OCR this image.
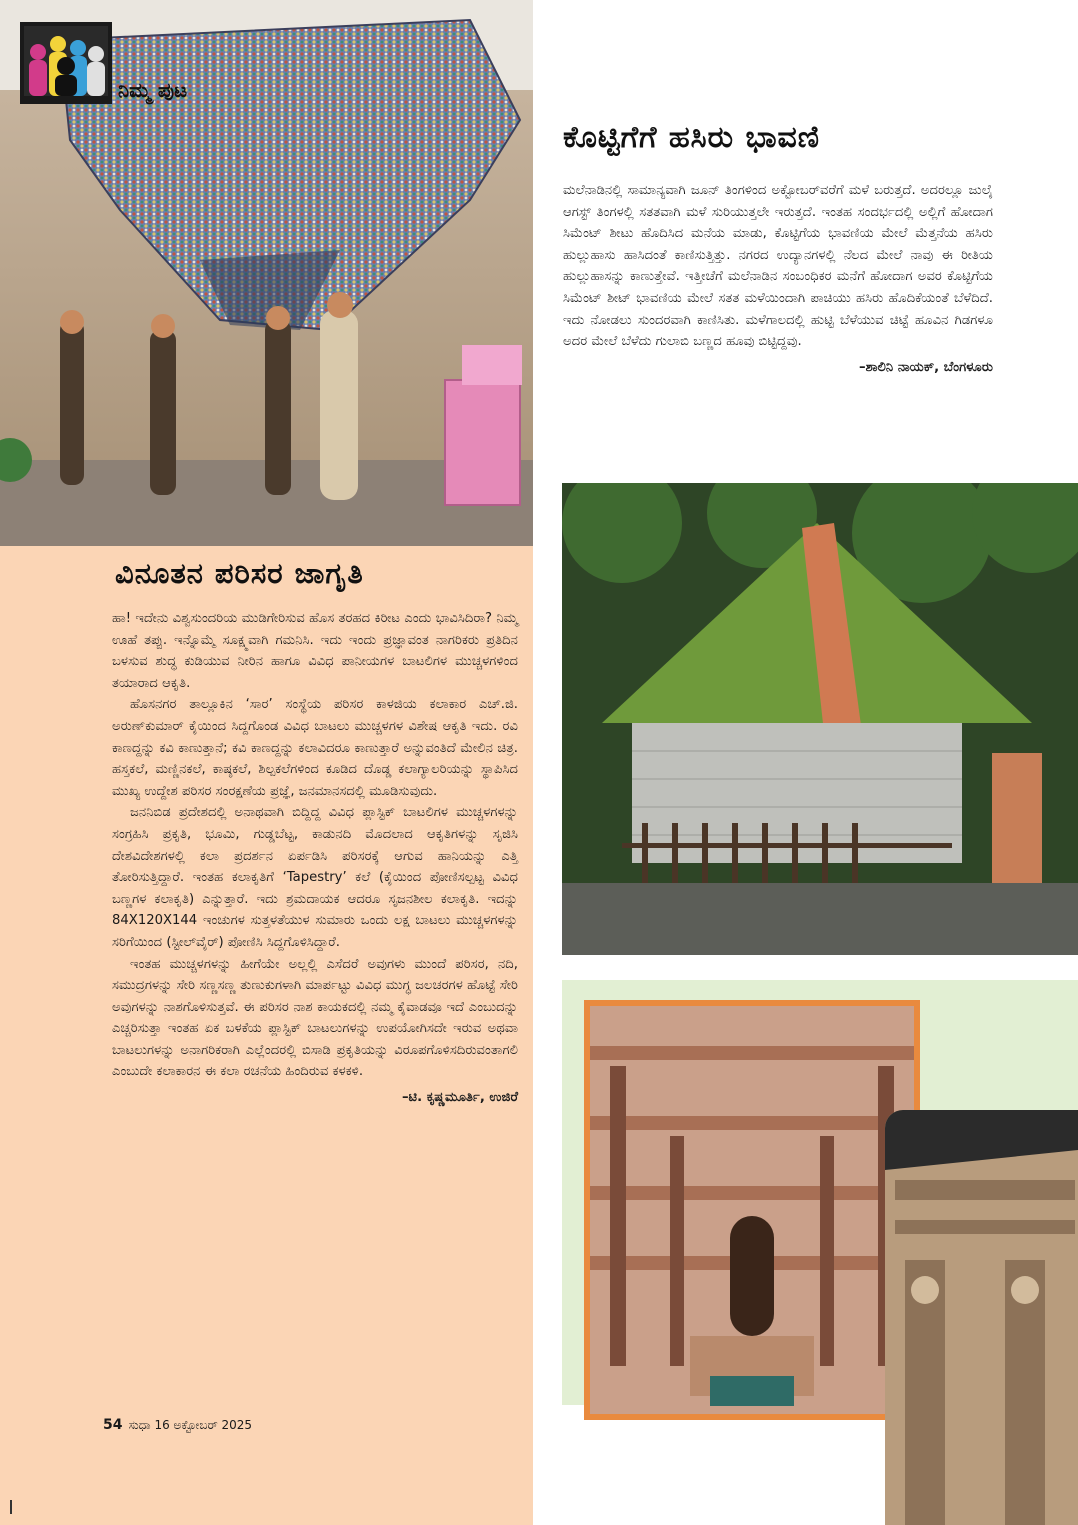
ನಿಮ್ಮ ಪುಟ
ವಿನೂತನ ಪರಿಸರ ಜಾಗೃತಿ

ಹಾ! ಇದೇನು ವಿಶ್ವಸುಂದರಿಯ ಮುಡಿಗೇರಿಸುವ ಹೊಸ ತರಹದ ಕಿರೀಟ ಎಂದು ಭಾವಿಸಿದಿರಾ? ನಿಮ್ಮ ಊಹೆ ತಪ್ಪು. ಇನ್ನೊಮ್ಮೆ ಸೂಕ್ಷ್ಮವಾಗಿ ಗಮನಿಸಿ. ಇದು ಇಂದು ಪ್ರಜ್ಞಾವಂತ ನಾಗರಿಕರು ಪ್ರತಿದಿನ ಬಳಸುವ ಶುದ್ಧ ಕುಡಿಯುವ ನೀರಿನ ಹಾಗೂ ವಿವಿಧ ಪಾನೀಯಗಳ ಬಾಟಲಿಗಳ ಮುಚ್ಚಳಗಳಿಂದ ತಯಾರಾದ ಆಕೃತಿ.

ಹೊಸನಗರ ತಾಲ್ಲೂಕಿನ ‘ಸಾರ’ ಸಂಸ್ಥೆಯ ಪರಿಸರ ಕಾಳಜಿಯ ಕಲಾಕಾರ ಎಚ್.ಜಿ. ಅರುಣ್‌ಕುಮಾರ್ ಕೈಯಿಂದ ಸಿದ್ದಗೊಂಡ ವಿವಿಧ ಬಾಟಲು ಮುಚ್ಚಳಗಳ ವಿಶೇಷ ಆಕೃತಿ ಇದು. ರವಿ ಕಾಣದ್ದನ್ನು ಕವಿ ಕಾಣುತ್ತಾನೆ; ಕವಿ ಕಾಣದ್ದನ್ನು ಕಲಾವಿದರೂ ಕಾಣುತ್ತಾರೆ ಅನ್ನುವಂತಿದೆ ಮೇಲಿನ ಚಿತ್ರ. ಹಸ್ತಕಲೆ, ಮಣ್ಣಿನಕಲೆ, ಕಾಷ್ಠಕಲೆ, ಶಿಲ್ಪಕಲೆಗಳಿಂದ ಕೂಡಿದ ದೊಡ್ಡ ಕಲಾಗ್ಯಾಲರಿಯನ್ನು ಸ್ಥಾಪಿಸಿದ ಮುಖ್ಯ ಉದ್ದೇಶ ಪರಿಸರ ಸಂರಕ್ಷಣೆಯ ಪ್ರಜ್ಞೆ, ಜನಮಾನಸದಲ್ಲಿ ಮೂಡಿಸುವುದು.

ಜನನಿಬಿಡ ಪ್ರದೇಶದಲ್ಲಿ ಅನಾಥವಾಗಿ ಬಿದ್ದಿದ್ದ ವಿವಿಧ ಪ್ಲಾಸ್ಟಿಕ್ ಬಾಟಲಿಗಳ ಮುಚ್ಚಳಗಳನ್ನು ಸಂಗ್ರಹಿಸಿ ಪ್ರಕೃತಿ, ಭೂಮಿ, ಗುಡ್ಡಬೆಟ್ಟ, ಕಾಡುನದಿ ಮೊದಲಾದ ಆಕೃತಿಗಳನ್ನು ಸೃಜಿಸಿ ದೇಶವಿದೇಶಗಳಲ್ಲಿ ಕಲಾ ಪ್ರದರ್ಶನ ಏರ್ಪಡಿಸಿ ಪರಿಸರಕ್ಕೆ ಆಗುವ ಹಾನಿಯನ್ನು ಎತ್ತಿ ತೋರಿಸುತ್ತಿದ್ದಾರೆ. ಇಂತಹ ಕಲಾಕೃತಿಗೆ ‘Tapestry’ ಕಲೆ (ಕೈಯಿಂದ ಪೋಣಿಸಲ್ಪಟ್ಟ ವಿವಿಧ ಬಣ್ಣಗಳ ಕಲಾಕೃತಿ) ಎನ್ನುತ್ತಾರೆ. ಇದು ಶ್ರಮದಾಯಕ ಆದರೂ ಸೃಜನಶೀಲ ಕಲಾಕೃತಿ. ಇದನ್ನು 84X120X144 ಇಂಚುಗಳ ಸುತ್ತಳತೆಯುಳ ಸುಮಾರು ಒಂದು ಲಕ್ಷ ಬಾಟಲು ಮುಚ್ಚಳಗಳನ್ನು ಸರಿಗೆಯಿಂದ (ಸ್ಟೀಲ್‌ವೈರ್) ಪೋಣಿಸಿ ಸಿದ್ದಗೊಳಿಸಿದ್ದಾರೆ.

ಇಂತಹ ಮುಚ್ಚಳಗಳನ್ನು ಹೀಗೆಯೇ ಅಲ್ಲಲ್ಲಿ ಎಸೆದರೆ ಅವುಗಳು ಮುಂದೆ ಪರಿಸರ, ನದಿ, ಸಮುದ್ರಗಳನ್ನು ಸೇರಿ ಸಣ್ಣಸಣ್ಣ ತುಣುಕುಗಳಾಗಿ ಮಾರ್ಪಟ್ಟು ವಿವಿಧ ಮುಗ್ಧ ಜಲಚರಗಳ ಹೊಟ್ಟೆ ಸೇರಿ ಅವುಗಳನ್ನು ನಾಶಗೊಳಿಸುತ್ತವೆ. ಈ ಪರಿಸರ ನಾಶ ಕಾಯಕದಲ್ಲಿ ನಮ್ಮ ಕೈವಾಡವೂ ಇದೆ ಎಂಬುದನ್ನು ಎಚ್ಚರಿಸುತ್ತಾ ಇಂತಹ ಏಕ ಬಳಕೆಯ ಪ್ಲಾಸ್ಟಿಕ್ ಬಾಟಲುಗಳನ್ನು ಉಪಯೋಗಿಸದೇ ಇರುವ ಅಥವಾ ಬಾಟಲುಗಳನ್ನು ಅನಾಗರಿಕರಾಗಿ ಎಲ್ಲೆಂದರಲ್ಲಿ ಬಿಸಾಡಿ ಪ್ರಕೃತಿಯನ್ನು ವಿರೂಪಗೊಳಿಸದಿರುವಂತಾಗಲಿ ಎಂಬುದೇ ಕಲಾಕಾರನ ಈ ಕಲಾ ರಚನೆಯ ಹಿಂದಿರುವ ಕಳಕಳಿ.

–ಟಿ. ಕೃಷ್ಣಮೂರ್ತಿ, ಉಜಿರೆ

ಕೊಟ್ಟಿಗೆಗೆ ಹಸಿರು ಭಾವಣಿ

ಮಲೆನಾಡಿನಲ್ಲಿ ಸಾಮಾನ್ಯವಾಗಿ ಜೂನ್ ತಿಂಗಳಿಂದ ಅಕ್ಟೋಬರ್‌ವರೆಗೆ ಮಳೆ ಬರುತ್ತದೆ. ಅದರಲ್ಲೂ ಜುಲೈ ಆಗಸ್ಟ್ ತಿಂಗಳಲ್ಲಿ ಸತತವಾಗಿ ಮಳೆ ಸುರಿಯುತ್ತಲೇ ಇರುತ್ತದೆ. ಇಂತಹ ಸಂದರ್ಭದಲ್ಲಿ ಅಲ್ಲಿಗೆ ಹೋದಾಗ ಸಿಮೆಂಟ್ ಶೀಟು ಹೊದಿಸಿದ ಮನೆಯ ಮಾಡು, ಕೊಟ್ಟಿಗೆಯ ಭಾವಣಿಯ ಮೇಲೆ ಮೆತ್ತನೆಯ ಹಸಿರು ಹುಲ್ಲುಹಾಸು ಹಾಸಿದಂತೆ ಕಾಣಿಸುತ್ತಿತ್ತು. ನಗರದ ಉದ್ಯಾನಗಳಲ್ಲಿ ನೆಲದ ಮೇಲೆ ನಾವು ಈ ರೀತಿಯ ಹುಲ್ಲುಹಾಸನ್ನು ಕಾಣುತ್ತೇವೆ. ಇತ್ತೀಚೆಗೆ ಮಲೆನಾಡಿನ ಸಂಬಂಧಿಕರ ಮನೆಗೆ ಹೋದಾಗ ಅವರ ಕೊಟ್ಟಿಗೆಯ ಸಿಮೆಂಟ್ ಶೀಟ್ ಭಾವಣಿಯ ಮೇಲೆ ಸತತ ಮಳೆಯಿಂದಾಗಿ ಪಾಚಿಯು ಹಸಿರು ಹೊದಿಕೆಯಂತೆ ಬೆಳೆದಿದೆ. ಇದು ನೋಡಲು ಸುಂದರವಾಗಿ ಕಾಣಿಸಿತು. ಮಳೆಗಾಲದಲ್ಲಿ ಹುಟ್ಟಿ ಬೆಳೆಯುವ ಚಿಟ್ಟೆ ಹೂವಿನ ಗಿಡಗಳೂ ಅದರ ಮೇಲೆ ಬೆಳೆದು ಗುಲಾಬಿ ಬಣ್ಣದ ಹೂವು ಬಿಟ್ಟಿದ್ದವು.

–ಶಾಲಿನಿ ನಾಯಕ್, ಬೆಂಗಳೂರು

54 ಸುಧಾ 16 ಅಕ್ಟೋಬರ್ 2025
